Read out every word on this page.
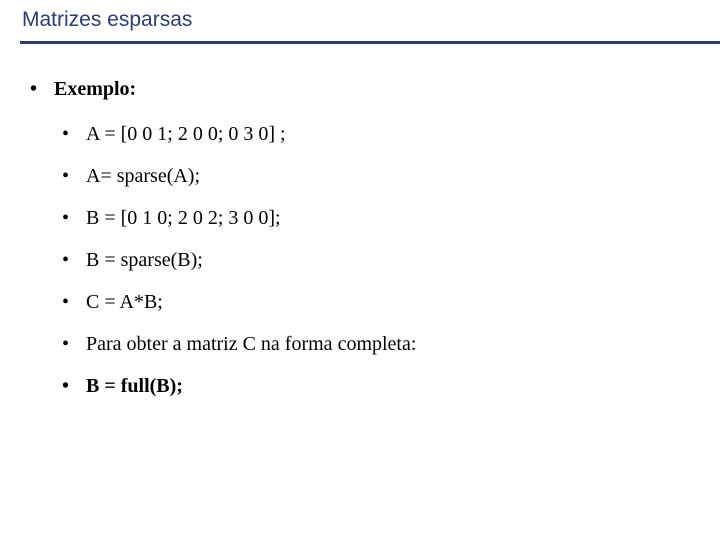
Matrizes esparsas
• Exemplo:
• A = [0 0 1; 2 0 0; 0 3 0] ;
• A= sparse(A);
• B = [0 1 0; 2 0 2; 3 0 0];
• B = sparse(B);
• C = A*B;
• Para obter a matriz C na forma completa:
• B = full(B);
